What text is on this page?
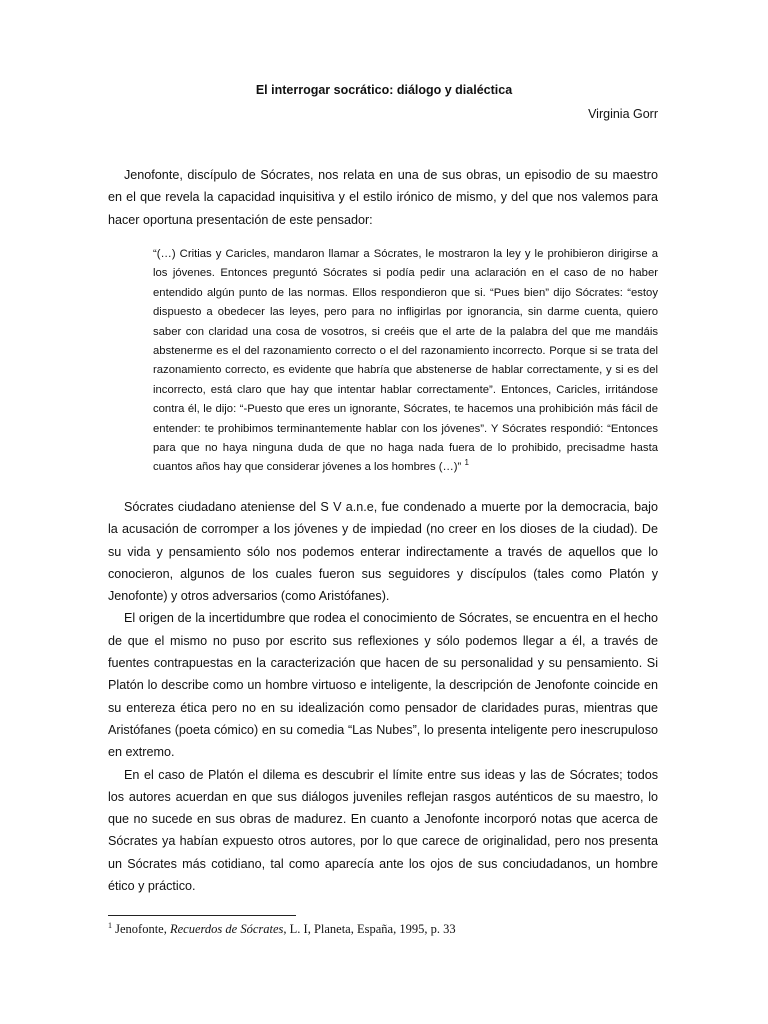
El interrogar socrático: diálogo y dialéctica
Virginia Gorr

Jenofonte, discípulo de Sócrates, nos relata en una de sus obras, un episodio de su maestro en el que revela la capacidad inquisitiva y el estilo irónico de mismo, y del que nos valemos para hacer oportuna presentación de este pensador:

“(…) Critias y Caricles, mandaron llamar a Sócrates, le mostraron la ley y le prohibieron dirigirse a los jóvenes. Entonces preguntó Sócrates si podía pedir una aclaración en el caso de no haber entendido algún punto de las normas. Ellos respondieron que si. “Pues bien” dijo Sócrates: “estoy dispuesto a obedecer las leyes, pero para no infligirlas por ignorancia, sin darme cuenta, quiero saber con claridad una cosa de vosotros, si creéis que el arte de la palabra del que me mandáis abstenerme es el del razonamiento correcto o el del razonamiento incorrecto. Porque si se trata del razonamiento correcto, es evidente que habría que abstenerse de hablar correctamente, y si es del incorrecto, está claro que hay que intentar hablar correctamente”. Entonces, Caricles, irritándose contra él, le dijo: “-Puesto que eres un ignorante, Sócrates, te hacemos una prohibición más fácil de entender: te prohibimos terminantemente hablar con los jóvenes”. Y Sócrates respondió: “Entonces para que no haya ninguna duda de que no haga nada fuera de lo prohibido, precisadme hasta cuantos años hay que considerar jóvenes a los hombres (…)” $^1$

Sócrates ciudadano ateniense del S V a.n.e, fue condenado a muerte por la democracia, bajo la acusación de corromper a los jóvenes y de impiedad (no creer en los dioses de la ciudad). De su vida y pensamiento sólo nos podemos enterar indirectamente a través de aquellos que lo conocieron, algunos de los cuales fueron sus seguidores y discípulos (tales como Platón y Jenofonte) y otros adversarios (como Aristófanes).

El origen de la incertidumbre que rodea el conocimiento de Sócrates, se encuentra en el hecho de que el mismo no puso por escrito sus reflexiones y sólo podemos llegar a él, a través de fuentes contrapuestas en la caracterización que hacen de su personalidad y su pensamiento. Si Platón lo describe como un hombre virtuoso e inteligente, la descripción de Jenofonte coincide en su entereza ética pero no en su idealización como pensador de claridades puras, mientras que Aristófanes (poeta cómico) en su comedia “Las Nubes”, lo presenta inteligente pero inescrupuloso en extremo.

En el caso de Platón el dilema es descubrir el límite entre sus ideas y las de Sócrates; todos los autores acuerdan en que sus diálogos juveniles reflejan rasgos auténticos de su maestro, lo que no sucede en sus obras de madurez. En cuanto a Jenofonte incorporó notas que acerca de Sócrates ya habían expuesto otros autores, por lo que carece de originalidad, pero nos presenta un Sócrates más cotidiano, tal como aparecía ante los ojos de sus conciudadanos, un hombre ético y práctico.

$^1$ Jenofonte, Recuerdos de Sócrates, L. I, Planeta, España, 1995, p. 33
